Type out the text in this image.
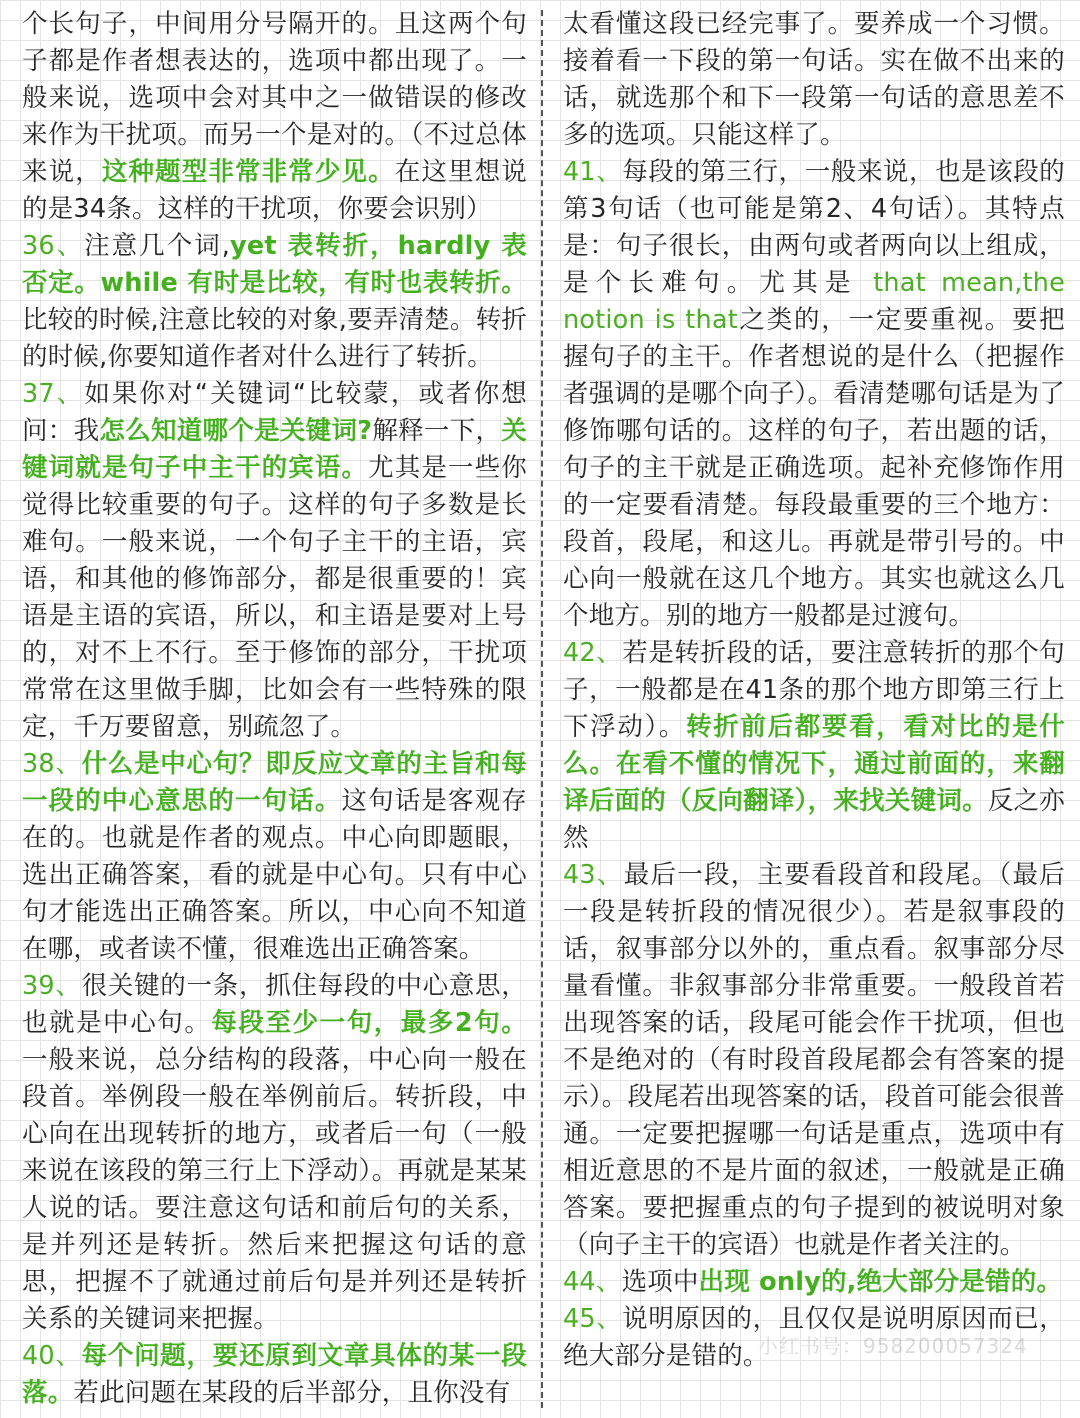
个长句子，中间用分号隔开的。且这两个句子都是作者想表达的，选项中都出现了。一般来说，选项中会对其中之一做错误的修改来作为干扰项。而另一个是对的。（不过总体来说，这种题型非常非常少见。在这里想说的是34条。这样的干扰项，你要会识别）
36、注意几个词,yet 表转折，hardly 表否定。while 有时是比较，有时也表转折。比较的时候,注意比较的对象,要弄清楚。转折的时候,你要知道作者对什么进行了转折。
37、如果你对“关键词“比较蒙，或者你想问：我怎么知道哪个是关键词?解释一下，关键词就是句子中主干的宾语。尤其是一些你觉得比较重要的句子。这样的句子多数是长难句。一般来说，一个句子主干的主语，宾语，和其他的修饰部分，都是很重要的！宾语是主语的宾语，所以，和主语是要对上号的，对不上不行。至于修饰的部分，干扰项常常在这里做手脚，比如会有一些特殊的限定，千万要留意，别疏忽了。
38、什么是中心句？即反应文章的主旨和每一段的中心意思的一句话。这句话是客观存在的。也就是作者的观点。中心向即题眼，选出正确答案，看的就是中心句。只有中心句才能选出正确答案。所以，中心向不知道在哪，或者读不懂，很难选出正确答案。
39、很关键的一条，抓住每段的中心意思，也就是中心句。每段至少一句，最多2句。一般来说，总分结构的段落，中心向一般在段首。举例段一般在举例前后。转折段，中心向在出现转折的地方，或者后一句（一般来说在该段的第三行上下浮动）。再就是某某人说的话。要注意这句话和前后句的关系，是并列还是转折。然后来把握这句话的意思，把握不了就通过前后句是并列还是转折关系的关键词来把握。
40、每个问题，要还原到文章具体的某一段落。若此问题在某段的后半部分，且你没有
太看懂这段已经完事了。要养成一个习惯。接着看一下段的第一句话。实在做不出来的话，就选那个和下一段第一句话的意思差不多的选项。只能这样了。
41、每段的第三行，一般来说，也是该段的第3句话（也可能是第2、4句话）。其特点是：句子很长，由两句或者两向以上组成，是个长难句。尤其是 that mean,the notion is that之类的，一定要重视。要把握句子的主干。作者想说的是什么（把握作者强调的是哪个向子）。看清楚哪句话是为了修饰哪句话的。这样的句子，若出题的话，句子的主干就是正确选项。起补充修饰作用的一定要看清楚。每段最重要的三个地方：段首，段尾，和这儿。再就是带引号的。中心向一般就在这几个地方。其实也就这么几个地方。别的地方一般都是过渡句。
42、若是转折段的话，要注意转折的那个句子，一般都是在41条的那个地方即第三行上下浮动）。转折前后都要看，看对比的是什么。在看不懂的情况下，通过前面的，来翻译后面的（反向翻译），来找关键词。反之亦然
43、最后一段，主要看段首和段尾。（最后一段是转折段的情况很少）。若是叙事段的话，叙事部分以外的，重点看。叙事部分尽量看懂。非叙事部分非常重要。一般段首若出现答案的话，段尾可能会作干扰项，但也不是绝对的（有时段首段尾都会有答案的提示）。段尾若出现答案的话，段首可能会很普通。一定要把握哪一句话是重点，选项中有相近意思的不是片面的叙述，一般就是正确答案。要把握重点的句子提到的被说明对象（向子主干的宾语）也就是作者关注的。
44、选项中出现 only的,绝大部分是错的。
45、说明原因的，且仅仅是说明原因而已，绝大部分是错的。
小红书号：958200057324
